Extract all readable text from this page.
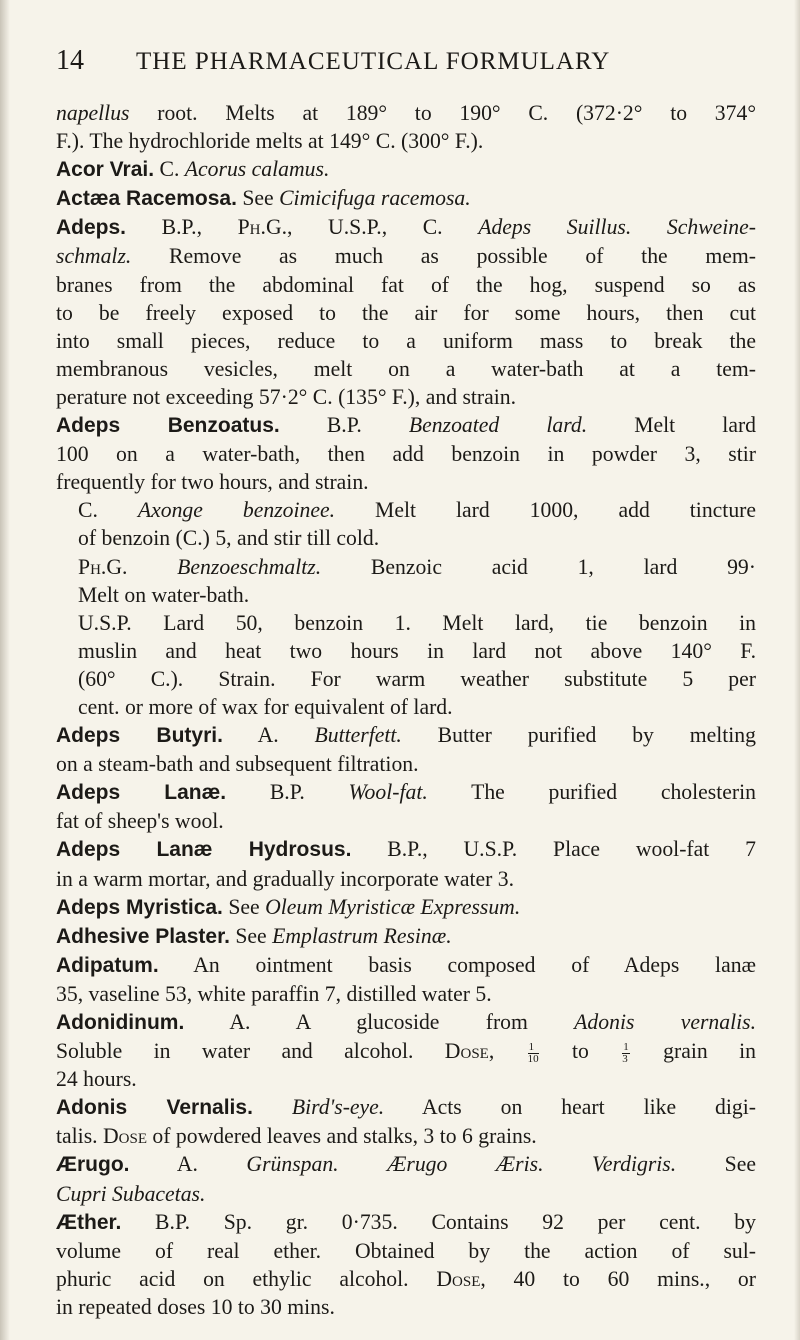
14	THE PHARMACEUTICAL FORMULARY
napellus root. Melts at 189° to 190° C. (372·2° to 374°
F.). The hydrochloride melts at 149° C. (300° F.).
Acor Vrai. C. Acorus calamus.
Actæa Racemosa. See Cimicifuga racemosa.
Adeps. B.P., Ph.G., U.S.P., C. Adeps Suillus. Schweine-
schmalz. Remove as much as possible of the mem-
branes from the abdominal fat of the hog, suspend so as
to be freely exposed to the air for some hours, then cut
into small pieces, reduce to a uniform mass to break the
membranous vesicles, melt on a water-bath at a tem-
perature not exceeding 57·2° C. (135° F.), and strain.
Adeps Benzoatus. B.P. Benzoated lard. Melt lard
100 on a water-bath, then add benzoin in powder 3, stir
frequently for two hours, and strain.
C. Axonge benzoinee. Melt lard 1000, add tincture
of benzoin (C.) 5, and stir till cold.
Ph.G. Benzoeschmaltz. Benzoic acid 1, lard 99·
Melt on water-bath.
U.S.P. Lard 50, benzoin 1. Melt lard, tie benzoin in
muslin and heat two hours in lard not above 140° F.
(60° C.). Strain. For warm weather substitute 5 per
cent. or more of wax for equivalent of lard.
Adeps Butyri. A. Butterfett. Butter purified by melting
on a steam-bath and subsequent filtration.
Adeps Lanæ. B.P. Wool-fat. The purified cholesterin
fat of sheep's wool.
Adeps Lanæ Hydrosus. B.P., U.S.P. Place wool-fat 7
in a warm mortar, and gradually incorporate water 3.
Adeps Myristica. See Oleum Myristicæ Expressum.
Adhesive Plaster. See Emplastrum Resinæ.
Adipatum. An ointment basis composed of Adeps lanæ
35, vaseline 53, white paraffin 7, distilled water 5.
Adonidinum. A. A glucoside from Adonis vernalis.
Soluble in water and alcohol. Dose, $\frac{1}{10}$ to $\frac{1}{3}$ grain in
24 hours.
Adonis Vernalis. Bird's-eye. Acts on heart like digi-
talis. Dose of powdered leaves and stalks, 3 to 6 grains.
Ærugo. A. Grünspan. Ærugo Æris. Verdigris. See
Cupri Subacetas.
Æther. B.P. Sp. gr. 0·735. Contains 92 per cent. by
volume of real ether. Obtained by the action of sul-
phuric acid on ethylic alcohol. Dose, 40 to 60 mins., or
in repeated doses 10 to 30 mins.
